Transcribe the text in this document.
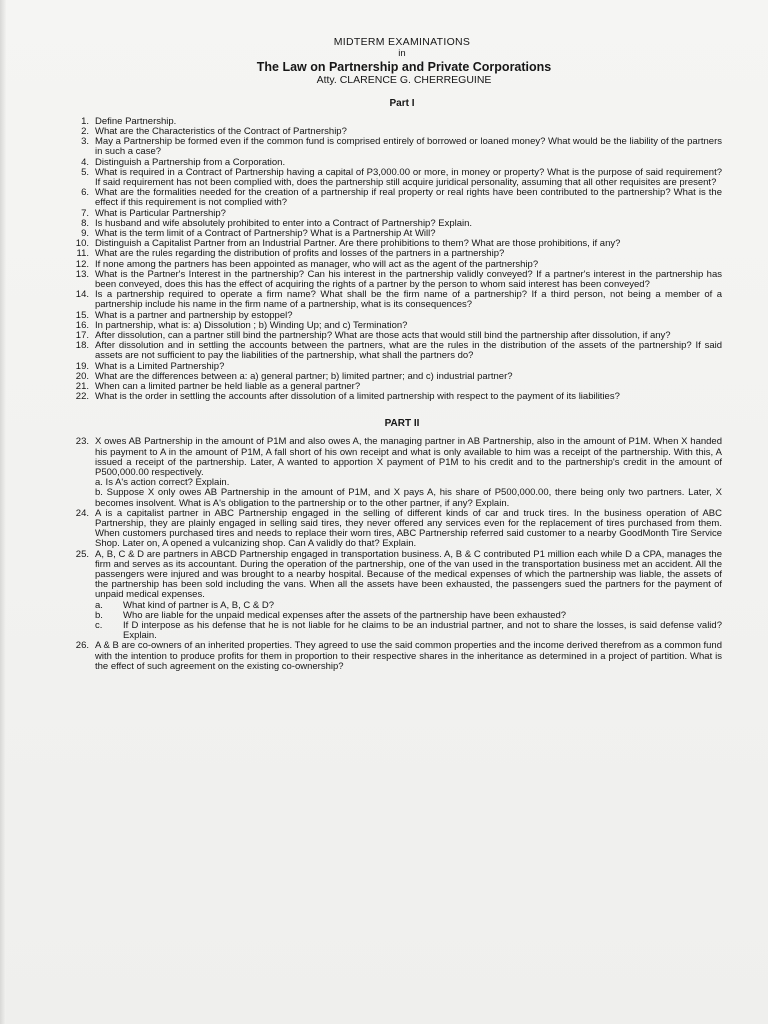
MIDTERM EXAMINATIONS
in
The Law on Partnership and Private Corporations
Atty. CLARENCE G. CHERREGUINE
Part I
1. Define Partnership.
2. What are the Characteristics of the Contract of Partnership?
3. May a Partnership be formed even if the common fund is comprised entirely of borrowed or loaned money? What would be the liability of the partners in such a case?
4. Distinguish a Partnership from a Corporation.
5. What is required in a Contract of Partnership having a capital of P3,000.00 or more, in money or property? What is the purpose of said requirement? If said requirement has not been complied with, does the partnership still acquire juridical personality, assuming that all other requisites are present?
6. What are the formalities needed for the creation of a partnership if real property or real rights have been contributed to the partnership? What is the effect if this requirement is not complied with?
7. What is Particular Partnership?
8. Is husband and wife absolutely prohibited to enter into a Contract of Partnership? Explain.
9. What is the term limit of a Contract of Partnership? What is a Partnership At Will?
10. Distinguish a Capitalist Partner from an Industrial Partner. Are there prohibitions to them? What are those prohibitions, if any?
11. What are the rules regarding the distribution of profits and losses of the partners in a partnership?
12. If none among the partners has been appointed as manager, who will act as the agent of the partnership?
13. What is the Partner's Interest in the partnership? Can his interest in the partnership validly conveyed? If a partner's interest in the partnership has been conveyed, does this has the effect of acquiring the rights of a partner by the person to whom said interest has been conveyed?
14. Is a partnership required to operate a firm name? What shall be the firm name of a partnership? If a third person, not being a member of a partnership include his name in the firm name of a partnership, what is its consequences?
15. What is a partner and partnership by estoppel?
16. In partnership, what is: a) Dissolution ; b) Winding Up; and c) Termination?
17. After dissolution, can a partner still bind the partnership? What are those acts that would still bind the partnership after dissolution, if any?
18. After dissolution and in settling the accounts between the partners, what are the rules in the distribution of the assets of the partnership? If said assets are not sufficient to pay the liabilities of the partnership, what shall the partners do?
19. What is a Limited Partnership?
20. What are the differences between a: a) general partner; b) limited partner; and c) industrial partner?
21. When can a limited partner be held liable as a general partner?
22. What is the order in settling the accounts after dissolution of a limited partnership with respect to the payment of its liabilities?
PART II
23. X owes AB Partnership in the amount of P1M and also owes A, the managing partner in AB Partnership, also in the amount of P1M. When X handed his payment to A in the amount of P1M, A fall short of his own receipt and what is only available to him was a receipt of the partnership. With this, A issued a receipt of the partnership. Later, A wanted to apportion X payment of P1M to his credit and to the partnership's credit in the amount of P500,000.00 respectively.
a. Is A's action correct? Explain.
b. Suppose X only owes AB Partnership in the amount of P1M, and X pays A, his share of P500,000.00, there being only two partners. Later, X becomes insolvent. What is A's obligation to the partnership or to the other partner, if any? Explain.
24. A is a capitalist partner in ABC Partnership engaged in the selling of different kinds of car and truck tires. In the business operation of ABC Partnership, they are plainly engaged in selling said tires, they never offered any services even for the replacement of tires purchased from them. When customers purchased tires and needs to replace their worn tires, ABC Partnership referred said customer to a nearby GoodMonth Tire Service Shop. Later on, A opened a vulcanizing shop. Can A validly do that? Explain.
25. A, B, C & D are partners in ABCD Partnership engaged in transportation business. A, B & C contributed P1 million each while D a CPA, manages the firm and serves as its accountant. During the operation of the partnership, one of the van used in the transportation business met an accident. All the passengers were injured and was brought to a nearby hospital. Because of the medical expenses of which the partnership was liable, the assets of the partnership has been sold including the vans. When all the assets have been exhausted, the passengers sued the partners for the payment of unpaid medical expenses.
a. What kind of partner is A, B, C & D?
b. Who are liable for the unpaid medical expenses after the assets of the partnership have been exhausted?
c. If D interpose as his defense that he is not liable for he claims to be an industrial partner, and not to share the losses, is said defense valid? Explain.
26. A & B are co-owners of an inherited properties. They agreed to use the said common properties and the income derived therefrom as a common fund with the intention to produce profits for them in proportion to their respective shares in the inheritance as determined in a project of partition. What is the effect of such agreement on the existing co-ownership?
